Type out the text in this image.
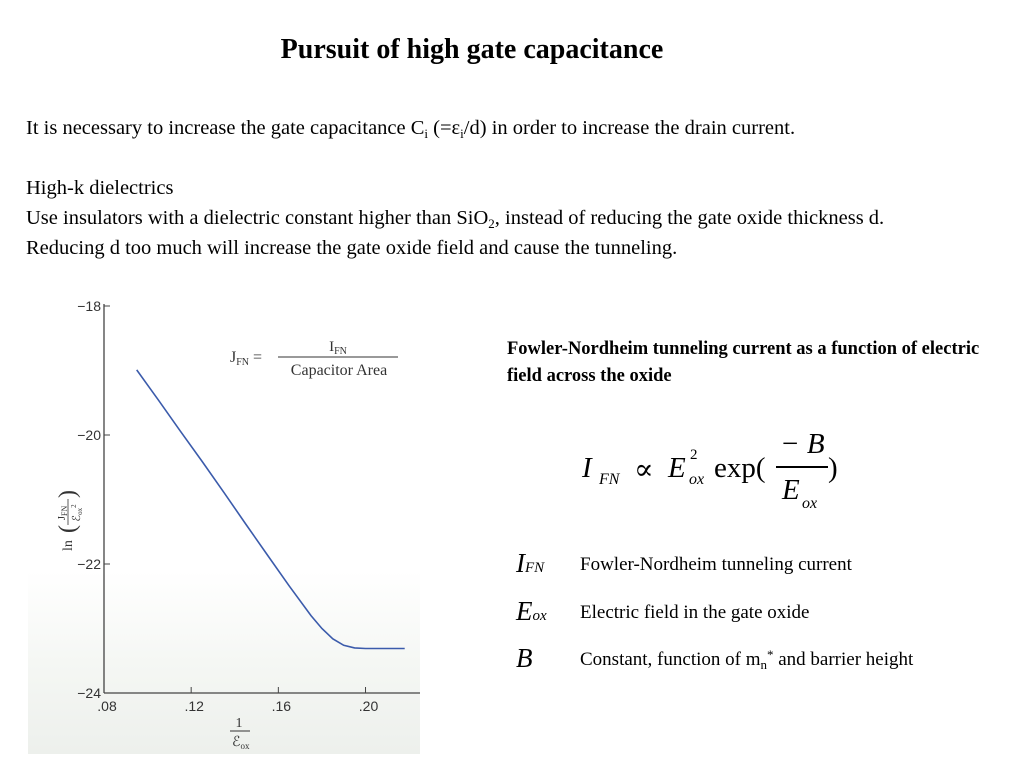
Pursuit of high gate capacitance
It is necessary to increase the gate capacitance $C_i$ $(=\varepsilon_i/d)$ in order to increase the drain current.
High-k dielectrics
Use insulators with a dielectric constant higher than SiO$_2$, instead of reducing the gate oxide thickness d.
Reducing d too much will increase the gate oxide field and cause the tunneling.
−18
−20
−22
−24
.08	.12	.16	.20
JFN =
$I_{FN}$
Capacitor Area
ln
(
JFN
ℰox$^2$
)
1
ℰ$_{ox}$
Fowler-Nordheim tunneling current as a function of electric field across the oxide
I FN ∝ E 2
ox exp(
− B
E ox
)
IFN Fowler-Nordheim tunneling current
Eox Electric field in the gate oxide
B	Constant, function of $m_n^*$ and barrier height
